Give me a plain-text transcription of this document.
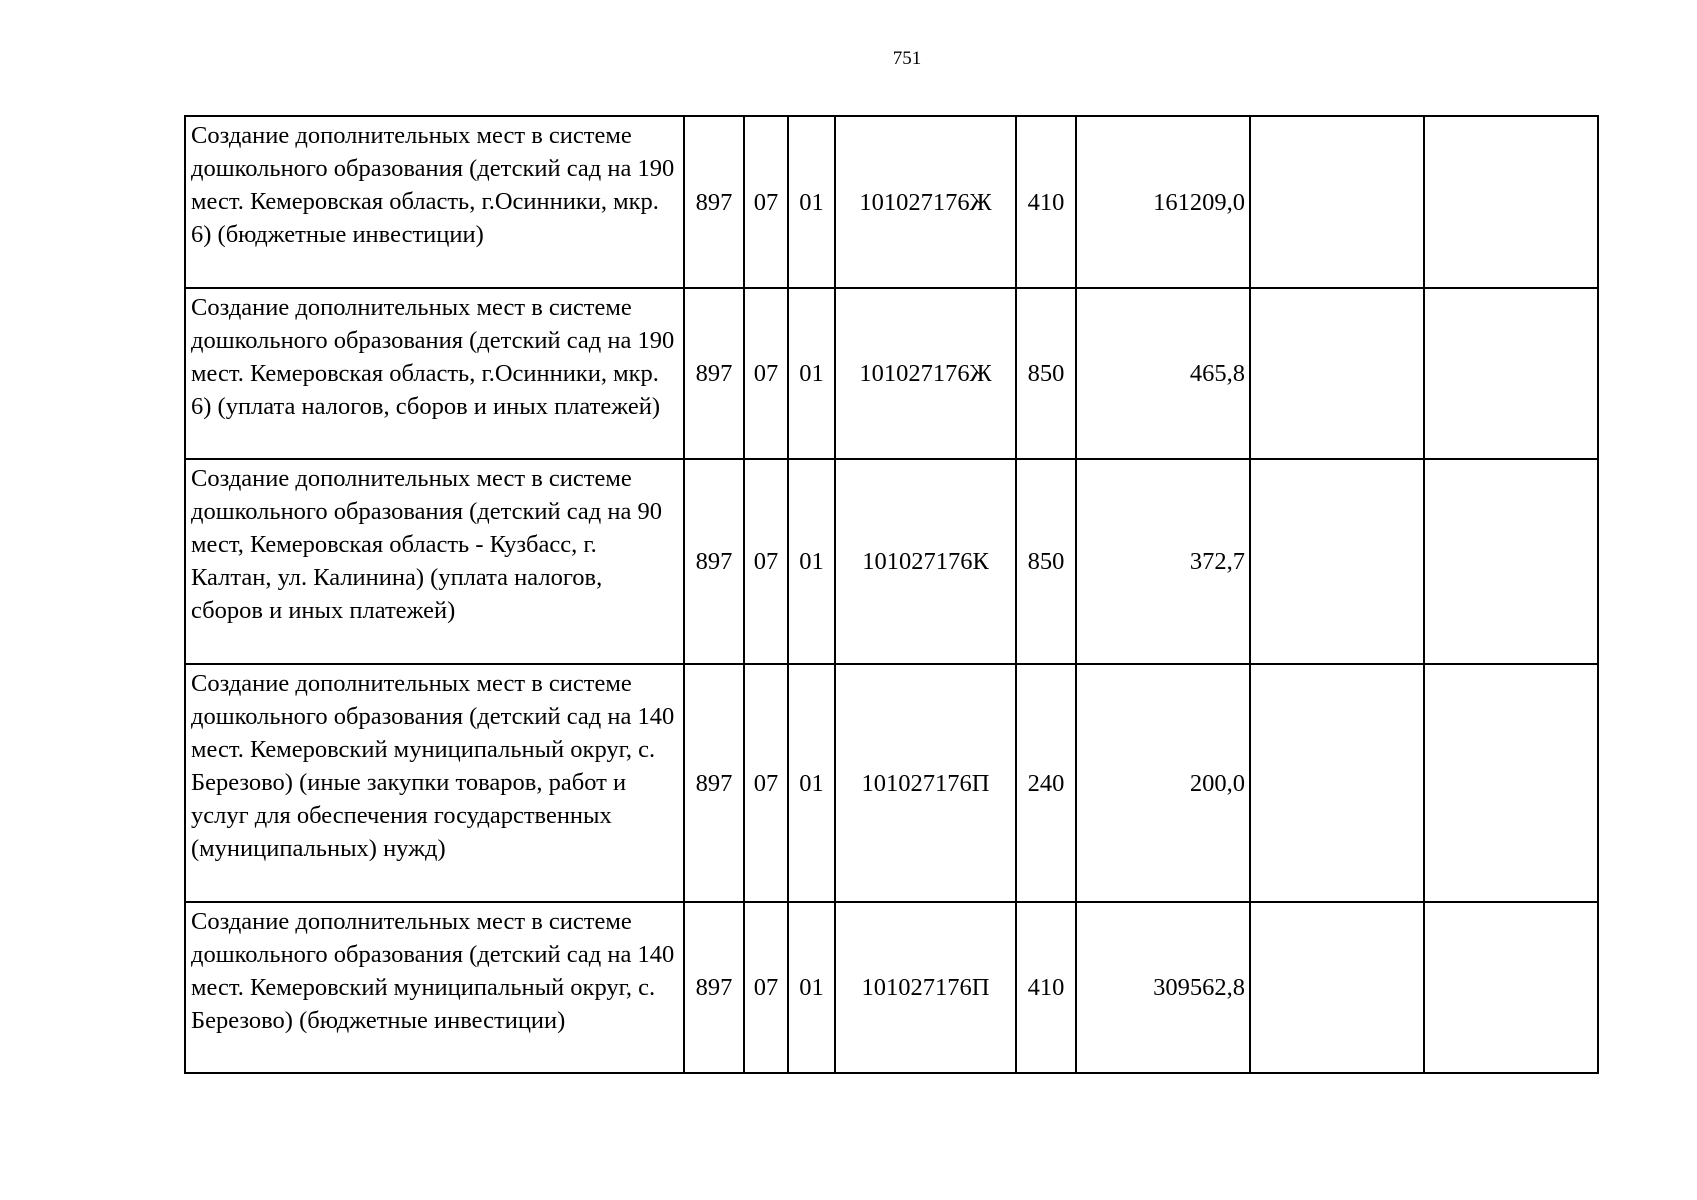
751
Создание дополнительных мест в системе дошкольного образования (детский сад на 190 мест. Кемеровская область, г.Осинники, мкр. 6) (бюджетные инвестиции)	897	07	01	101027176Ж	410	161209,0		
Создание дополнительных мест в системе дошкольного образования (детский сад на 190 мест. Кемеровская область, г.Осинники, мкр. 6) (уплата налогов, сборов и иных платежей)	897	07	01	101027176Ж	850	465,8		
Создание дополнительных мест в системе дошкольного образования (детский сад на 90 мест, Кемеровская область - Кузбасс, г. Калтан, ул. Калинина) (уплата налогов, сборов и иных платежей)	897	07	01	101027176К	850	372,7		
Создание дополнительных мест в системе дошкольного образования (детский сад на 140 мест. Кемеровский муниципальный округ, с. Березово) (иные закупки товаров, работ и услуг для обеспечения государственных (муниципальных) нужд)	897	07	01	101027176П	240	200,0		
Создание дополнительных мест в системе дошкольного образования (детский сад на 140 мест. Кемеровский муниципальный округ, с. Березово) (бюджетные инвестиции)	897	07	01	101027176П	410	309562,8		
